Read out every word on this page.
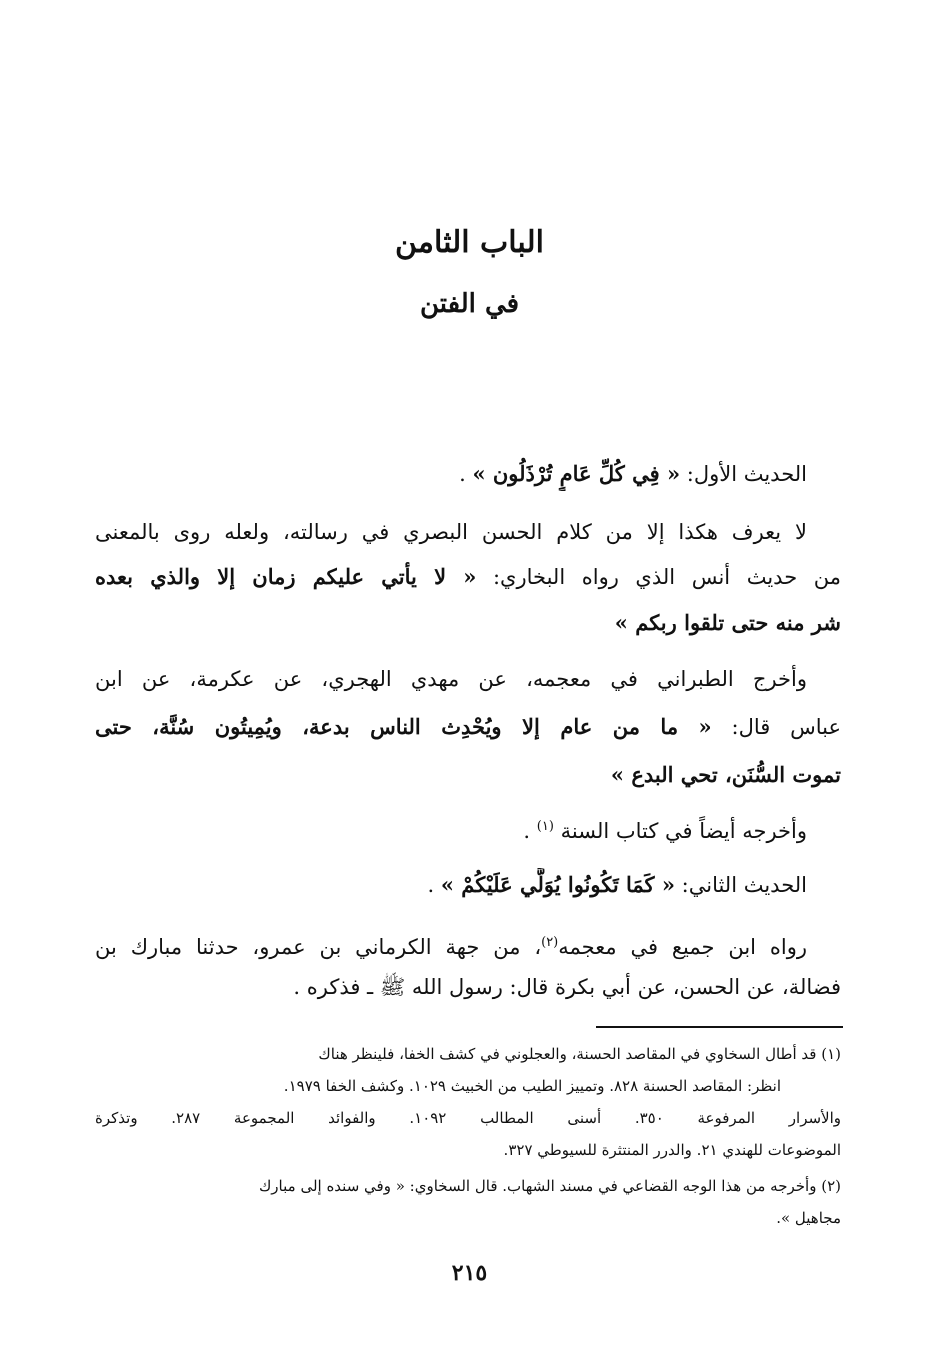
الباب الثامن
في الفتن
الحديث الأول: « فِي كُلِّ عَامٍ تُرْذَلُون » .
لا يعرف هكذا إلا من كلام الحسن البصري في رسالته، ولعله روى بالمعنى
من حديث أنس الذي رواه البخاري: « لا يأتي عليكم زمان إلا والذي بعده
شر منه حتى تلقوا ربكم »
وأخرج الطبراني في معجمه، عن مهدي الهجري، عن عكرمة، عن ابن
عباس قال: « ما من عام إلا ويُحْدِث الناس بدعة، ويُمِيتُون سُنَّة، حتى
تموت السُّنَن، تحي البدع »
وأخرجه أيضاً في كتاب السنة $^{(١)}$ .
الحديث الثاني: « كَمَا تَكُونُوا يُوَلَّي عَلَيْكُمْ » .
رواه ابن جميع في معجمه$^{(٢)}$، من جهة الكرماني بن عمرو، حدثنا مبارك بن
فضالة، عن الحسن، عن أبي بكرة قال: رسول الله ﷺ ـ فذكره .
(١) قد أطال السخاوي في المقاصد الحسنة، والعجلوني في كشف الخفا، فلينظر هناك
انظر: المقاصد الحسنة ٨٢٨. وتمييز الطيب من الخبيث ١٠٢٩. وكشف الخفا ١٩٧٩.
والأسرار المرفوعة ٣٥٠. أسنى المطالب ١٠٩٢. والفوائد المجموعة ٢٨٧. وتذكرة
الموضوعات للهندي ٢١. والدرر المنتثرة للسيوطي ٣٢٧.
(٢) وأخرجه من هذا الوجه القضاعي في مسند الشهاب. قال السخاوي: « وفي سنده إلى مبارك
مجاهيل ».
٢١٥
